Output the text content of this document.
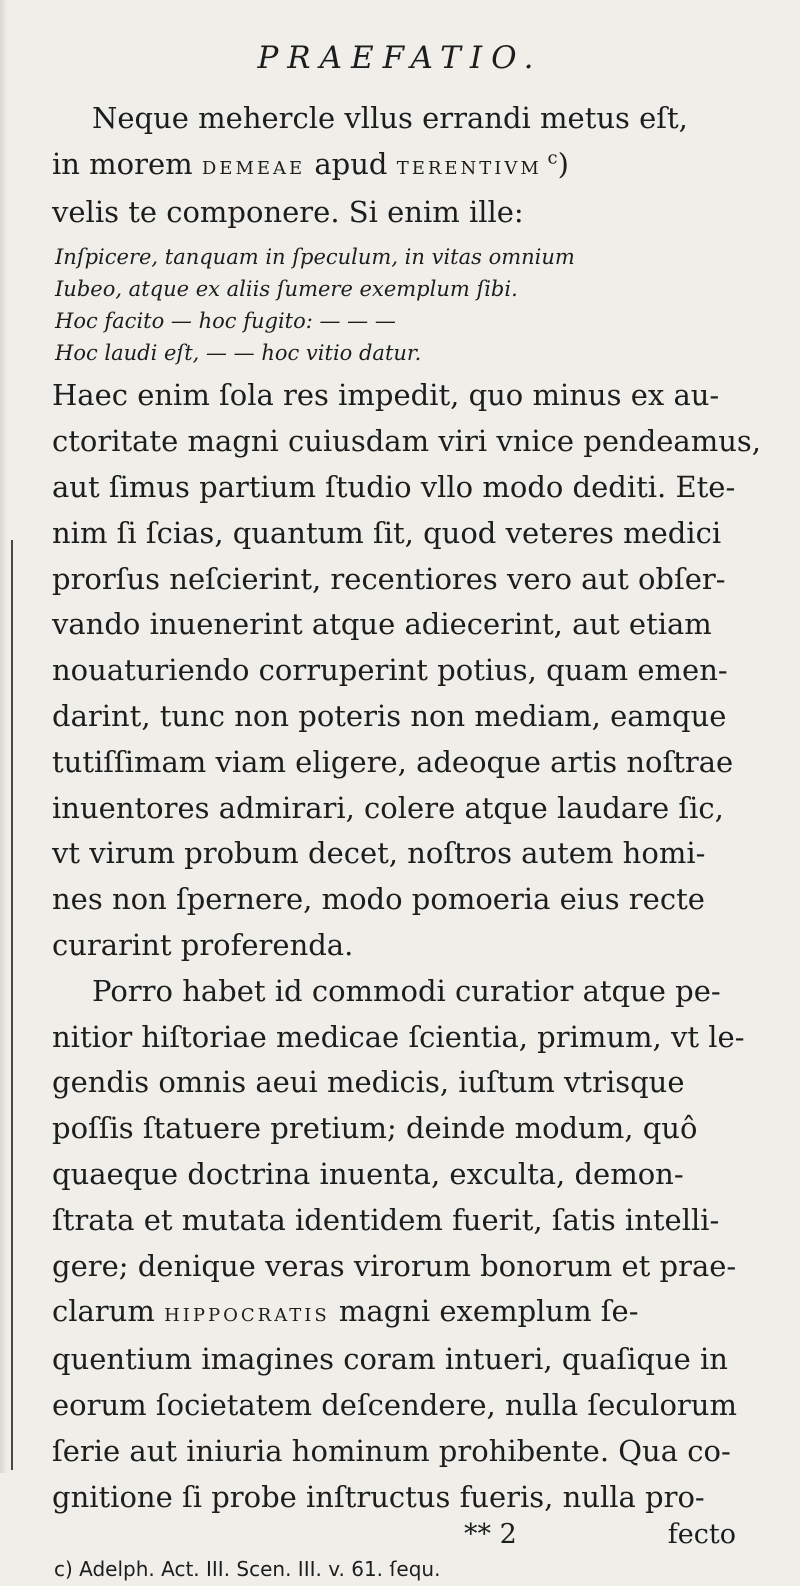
PRAEFATIO.
Neque mehercle vllus errandi metus eſt,
in morem demeae apud terentivm $^c$)
velis te componere. Si enim ille:
Inſpicere, tanquam in ſpeculum, in vitas omnium
Iubeo, atque ex aliis ſumere exemplum ſibi.
Hoc facito — hoc fugito: — — —
Hoc laudi eſt, — — hoc vitio datur.
Haec enim ſola res impedit, quo minus ex au-
ctoritate magni cuiusdam viri vnice pendeamus,
aut ſimus partium ſtudio vllo modo dediti. Ete-
nim ſi ſcias, quantum ſit, quod veteres medici
prorſus neſcierint, recentiores vero aut obſer-
vando inuenerint atque adiecerint, aut etiam
nouaturiendo corruperint potius, quam emen-
darint, tunc non poteris non mediam, eamque
tutiſſimam viam eligere, adeoque artis noſtrae
inuentores admirari, colere atque laudare ſic,
vt virum probum decet, noſtros autem homi-
nes non ſpernere, modo pomoeria eius recte
curarint proferenda.
Porro habet id commodi curatior atque pe-
nitior hiſtoriae medicae ſcientia, primum, vt le-
gendis omnis aeui medicis, iuſtum vtrisque
poſſis ſtatuere pretium; deinde modum, quô
quaeque doctrina inuenta, exculta, demon-
ſtrata et mutata identidem fuerit, ſatis intelli-
gere; denique veras virorum bonorum et prae-
clarum hippocratis magni exemplum ſe-
quentium imagines coram intueri, quaſique in
eorum ſocietatem deſcendere, nulla ſeculorum
ſerie aut iniuria hominum prohibente. Qua co-
gnitione ſi probe inſtructus fueris, nulla pro-
** 2	fecto
c) Adelph. Act. III. Scen. III. v. 61. ſequ.
